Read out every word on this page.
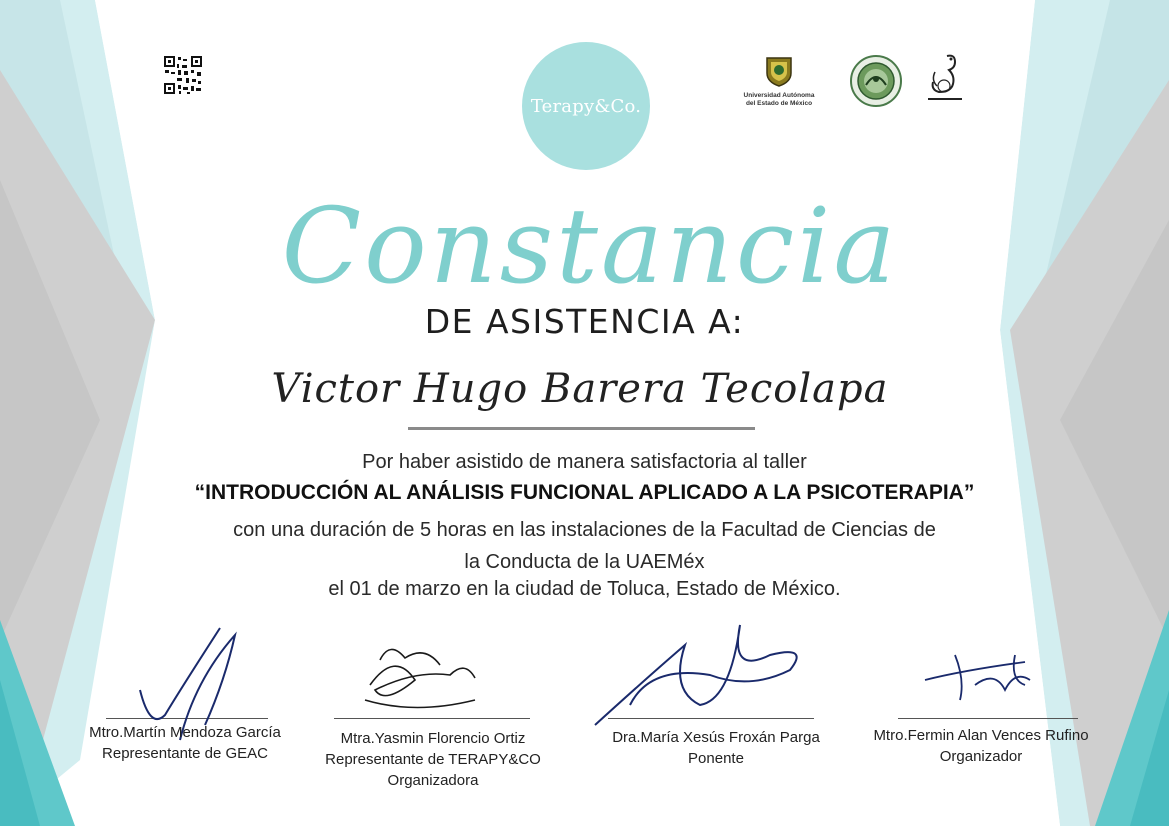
Terapy&Co.	Universidad Autónoma
del Estado de México
Constancia
DE ASISTENCIA A:
Victor Hugo Barera Tecolapa
Por haber asistido de manera satisfactoria al taller
“INTRODUCCIÓN AL ANÁLISIS FUNCIONAL APLICADO A LA PSICOTERAPIA”
con una duración de 5 horas en las instalaciones de la Facultad de Ciencias de
la Conducta de la UAEMéx
el 01 de marzo en la ciudad de Toluca, Estado de México.
Mtro.Martín Mendoza García
Representante de GEAC
Mtra.Yasmin Florencio Ortiz
Representante de TERAPY&CO
Organizadora
Dra.María Xesús Froxán Parga
Ponente
Mtro.Fermin Alan Vences Rufino
Organizador
